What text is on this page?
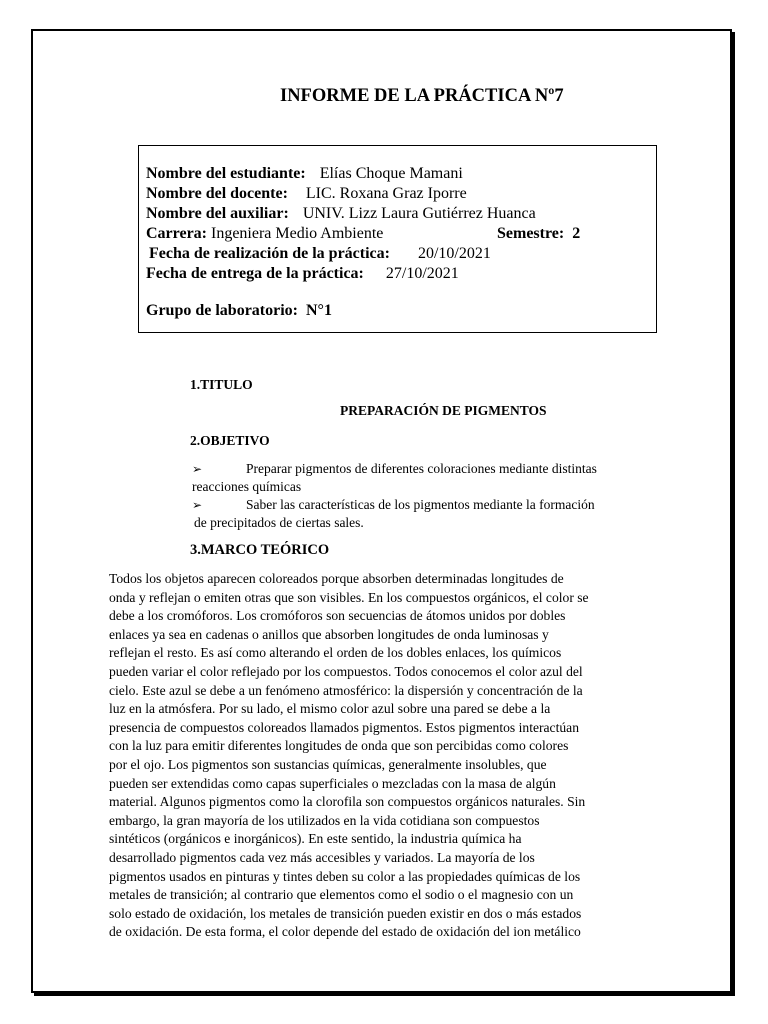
INFORME DE LA PRÁCTICA Nº7
Nombre del estudiante: Elías Choque Mamani
Nombre del docente: LIC. Roxana Graz Iporre
Nombre del auxiliar: UNIV. Lizz Laura Gutiérrez Huanca
Carrera: Ingeniera Medio Ambiente	Semestre: 2
Fecha de realización de la práctica: 20/10/2021
Fecha de entrega de la práctica: 27/10/2021
Grupo de laboratorio: N°1
1.TITULO
PREPARACIÓN DE PIGMENTOS
2.OBJETIVO
➢	Preparar pigmentos de diferentes coloraciones mediante distintas
reacciones químicas
➢	Saber las características de los pigmentos mediante la formación
de precipitados de ciertas sales.
3.MARCO TEÓRICO
Todos los objetos aparecen coloreados porque absorben determinadas longitudes de
onda y reflejan o emiten otras que son visibles. En los compuestos orgánicos, el color se
debe a los cromóforos. Los cromóforos son secuencias de átomos unidos por dobles
enlaces ya sea en cadenas o anillos que absorben longitudes de onda luminosas y
reflejan el resto. Es así como alterando el orden de los dobles enlaces, los químicos
pueden variar el color reflejado por los compuestos. Todos conocemos el color azul del
cielo. Este azul se debe a un fenómeno atmosférico: la dispersión y concentración de la
luz en la atmósfera. Por su lado, el mismo color azul sobre una pared se debe a la
presencia de compuestos coloreados llamados pigmentos. Estos pigmentos interactúan
con la luz para emitir diferentes longitudes de onda que son percibidas como colores
por el ojo. Los pigmentos son sustancias químicas, generalmente insolubles, que
pueden ser extendidas como capas superficiales o mezcladas con la masa de algún
material. Algunos pigmentos como la clorofila son compuestos orgánicos naturales. Sin
embargo, la gran mayoría de los utilizados en la vida cotidiana son compuestos
sintéticos (orgánicos e inorgánicos). En este sentido, la industria química ha
desarrollado pigmentos cada vez más accesibles y variados. La mayoría de los
pigmentos usados en pinturas y tintes deben su color a las propiedades químicas de los
metales de transición; al contrario que elementos como el sodio o el magnesio con un
solo estado de oxidación, los metales de transición pueden existir en dos o más estados
de oxidación. De esta forma, el color depende del estado de oxidación del ion metálico
